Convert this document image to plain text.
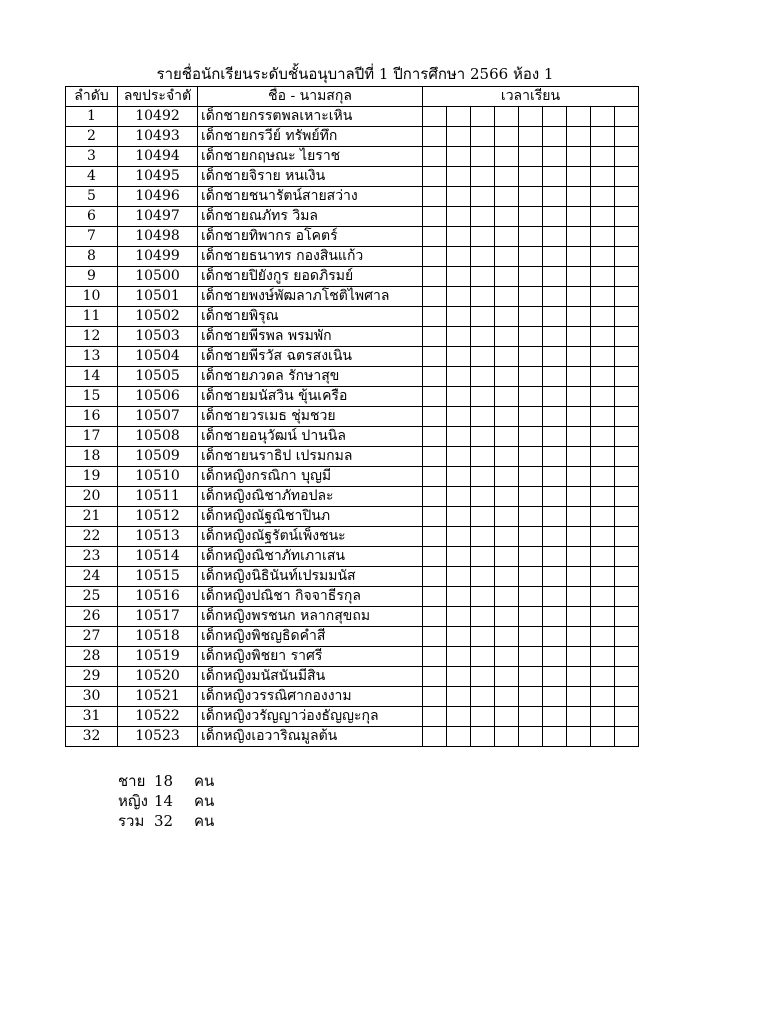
รายชื่อนักเรียนระดับชั้นอนุบาลปีที่ 1 ปีการศึกษา 2566 ห้อง 1
ลำดับ	ลขประจำตั	ชื่อ - นามสกุล	เวลาเรียน								
1	10492	เด็กชายกรรตพลเหาะเหิน									
2	10493	เด็กชายกรวีย์ ทรัพย์ทึก									
3	10494	เด็กชายกฤษณะ ไยราช									
4	10495	เด็กชายจิราย หนเงิน									
5	10496	เด็กชายชนารัตน์สายสว่าง									
6	10497	เด็กชายณภัทร วิมล									
7	10498	เด็กชายทิพากร อโคตร์									
8	10499	เด็กชายธนาทร กองสินแก้ว									
9	10500	เด็กชายปิยังกูร ยอดภิรมย์									
10	10501	เด็กชายพงษ์พัฒลาภโชติไพศาล									
11	10502	เด็กชายพิรุณ									
12	10503	เด็กชายพีรพล พรมพัก									
13	10504	เด็กชายพีรวัส ฉตรสงเนิน									
14	10505	เด็กชายภวดล รักษาสุข									
15	10506	เด็กชายมนัสวิน ขุ้นเครือ									
16	10507	เด็กชายวรเมธ ชุ่มชวย									
17	10508	เด็กชายอนุวัฒน์ ปานนิล									
18	10509	เด็กชายนราธิป เปรมกมล									
19	10510	เด็กหญิงกรณิกา บุญมี									
20	10511	เด็กหญิงณิชาภัทอปละ									
21	10512	เด็กหญิงณัฐณิชาปินภ									
22	10513	เด็กหญิงณัฐรัตน์เพ็งชนะ									
23	10514	เด็กหญิงณิชาภัทเภาเสน									
24	10515	เด็กหญิงนิธินันท์เปรมมนัส									
25	10516	เด็กหญิงปณิชา กิจจาธีรกุล									
26	10517	เด็กหญิงพรชนก หลากสุขถม									
27	10518	เด็กหญิงพิชญธิดคำสี									
28	10519	เด็กหญิงพิชยา ราศรี									
29	10520	เด็กหญิงมนัสนันมีสิน									
30	10521	เด็กหญิงวรรณิศากองงาม									
31	10522	เด็กหญิงวรัญญาว่องธัญญะกุล									
32	10523	เด็กหญิงเอวาริณมูลต้น									
ชาย 18	คน
หญิง 14	คน
รวม 32	คน
